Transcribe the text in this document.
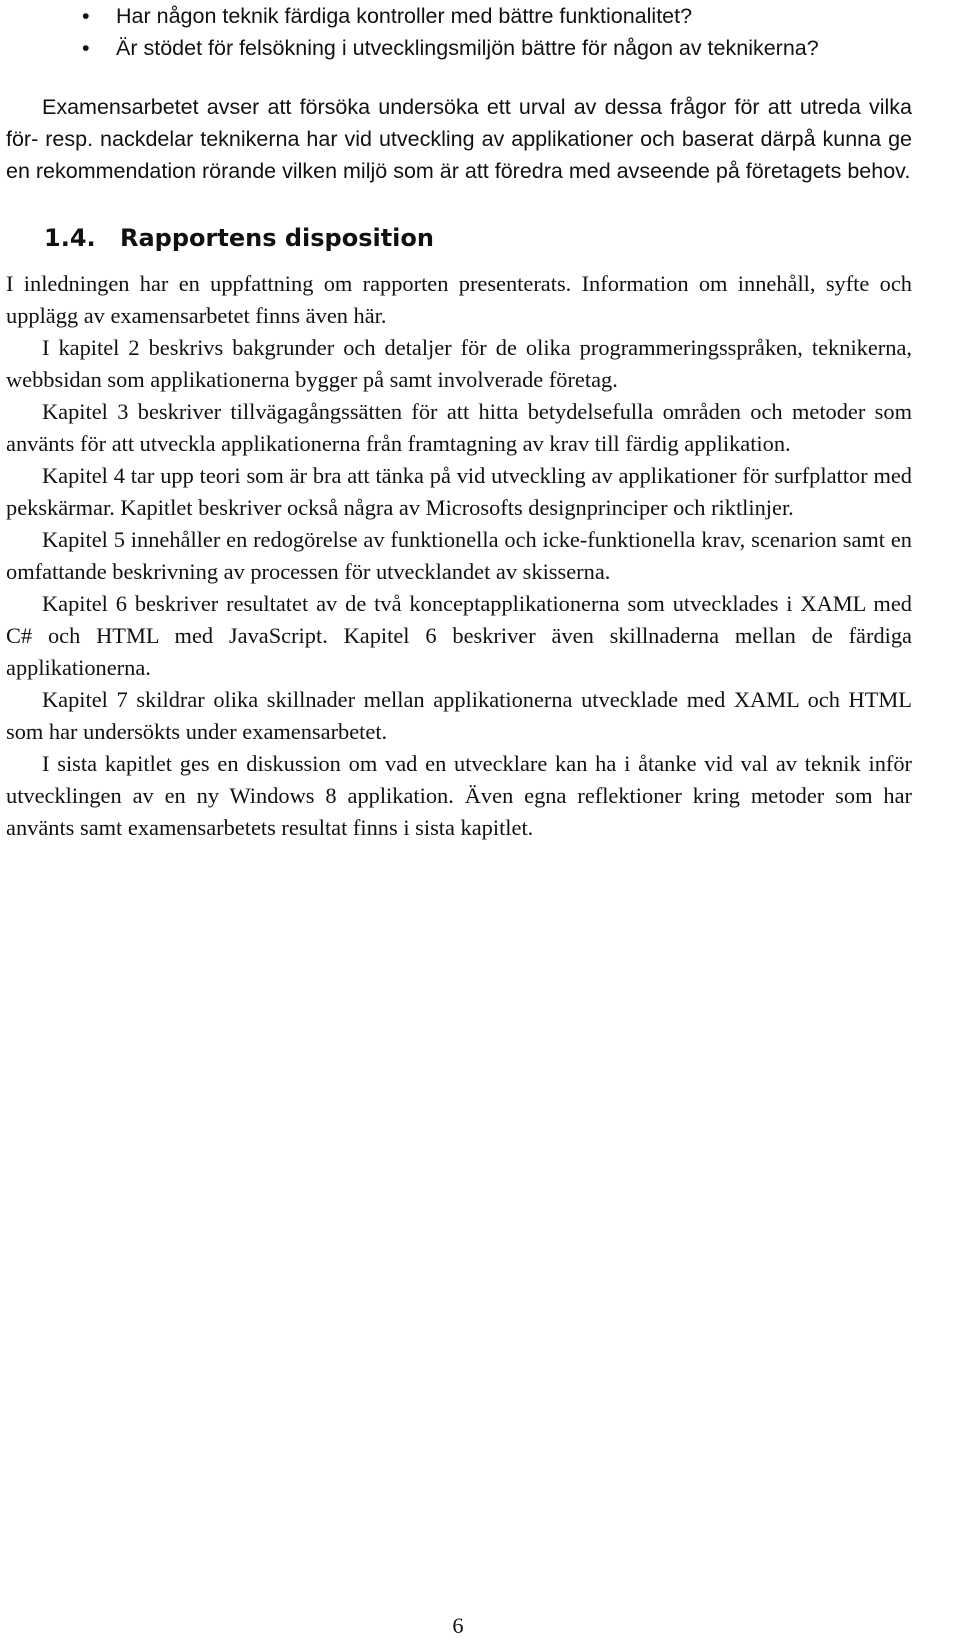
• Har någon teknik färdiga kontroller med bättre funktionalitet?
• Är stödet för felsökning i utvecklingsmiljön bättre för någon av teknikerna?

Examensarbetet avser att försöka undersöka ett urval av dessa frågor för att utreda vilka för- resp. nackdelar teknikerna har vid utveckling av applikationer och baserat därpå kunna ge en rekommendation rörande vilken miljö som är att föredra med avseende på företagets behov.

1.4. Rapportens disposition

I inledningen har en uppfattning om rapporten presenterats. Information om innehåll, syfte och upplägg av examensarbetet finns även här.

I kapitel 2 beskrivs bakgrunder och detaljer för de olika programmeringsspråken, teknikerna, webbsidan som applikationerna bygger på samt involverade företag.

Kapitel 3 beskriver tillvägagångssätten för att hitta betydelsefulla områden och metoder som använts för att utveckla applikationerna från framtagning av krav till färdig applikation.

Kapitel 4 tar upp teori som är bra att tänka på vid utveckling av applikationer för surfplattor med pekskärmar. Kapitlet beskriver också några av Microsofts designprinciper och riktlinjer.

Kapitel 5 innehåller en redogörelse av funktionella och icke-funktionella krav, scenarion samt en omfattande beskrivning av processen för utvecklandet av skisserna.

Kapitel 6 beskriver resultatet av de två konceptapplikationerna som utvecklades i XAML med C# och HTML med JavaScript. Kapitel 6 beskriver även skillnaderna mellan de färdiga applikationerna.

Kapitel 7 skildrar olika skillnader mellan applikationerna utvecklade med XAML och HTML som har undersökts under examensarbetet.

I sista kapitlet ges en diskussion om vad en utvecklare kan ha i åtanke vid val av teknik inför utvecklingen av en ny Windows 8 applikation. Även egna reflektioner kring metoder som har använts samt examensarbetets resultat finns i sista kapitlet.

6
